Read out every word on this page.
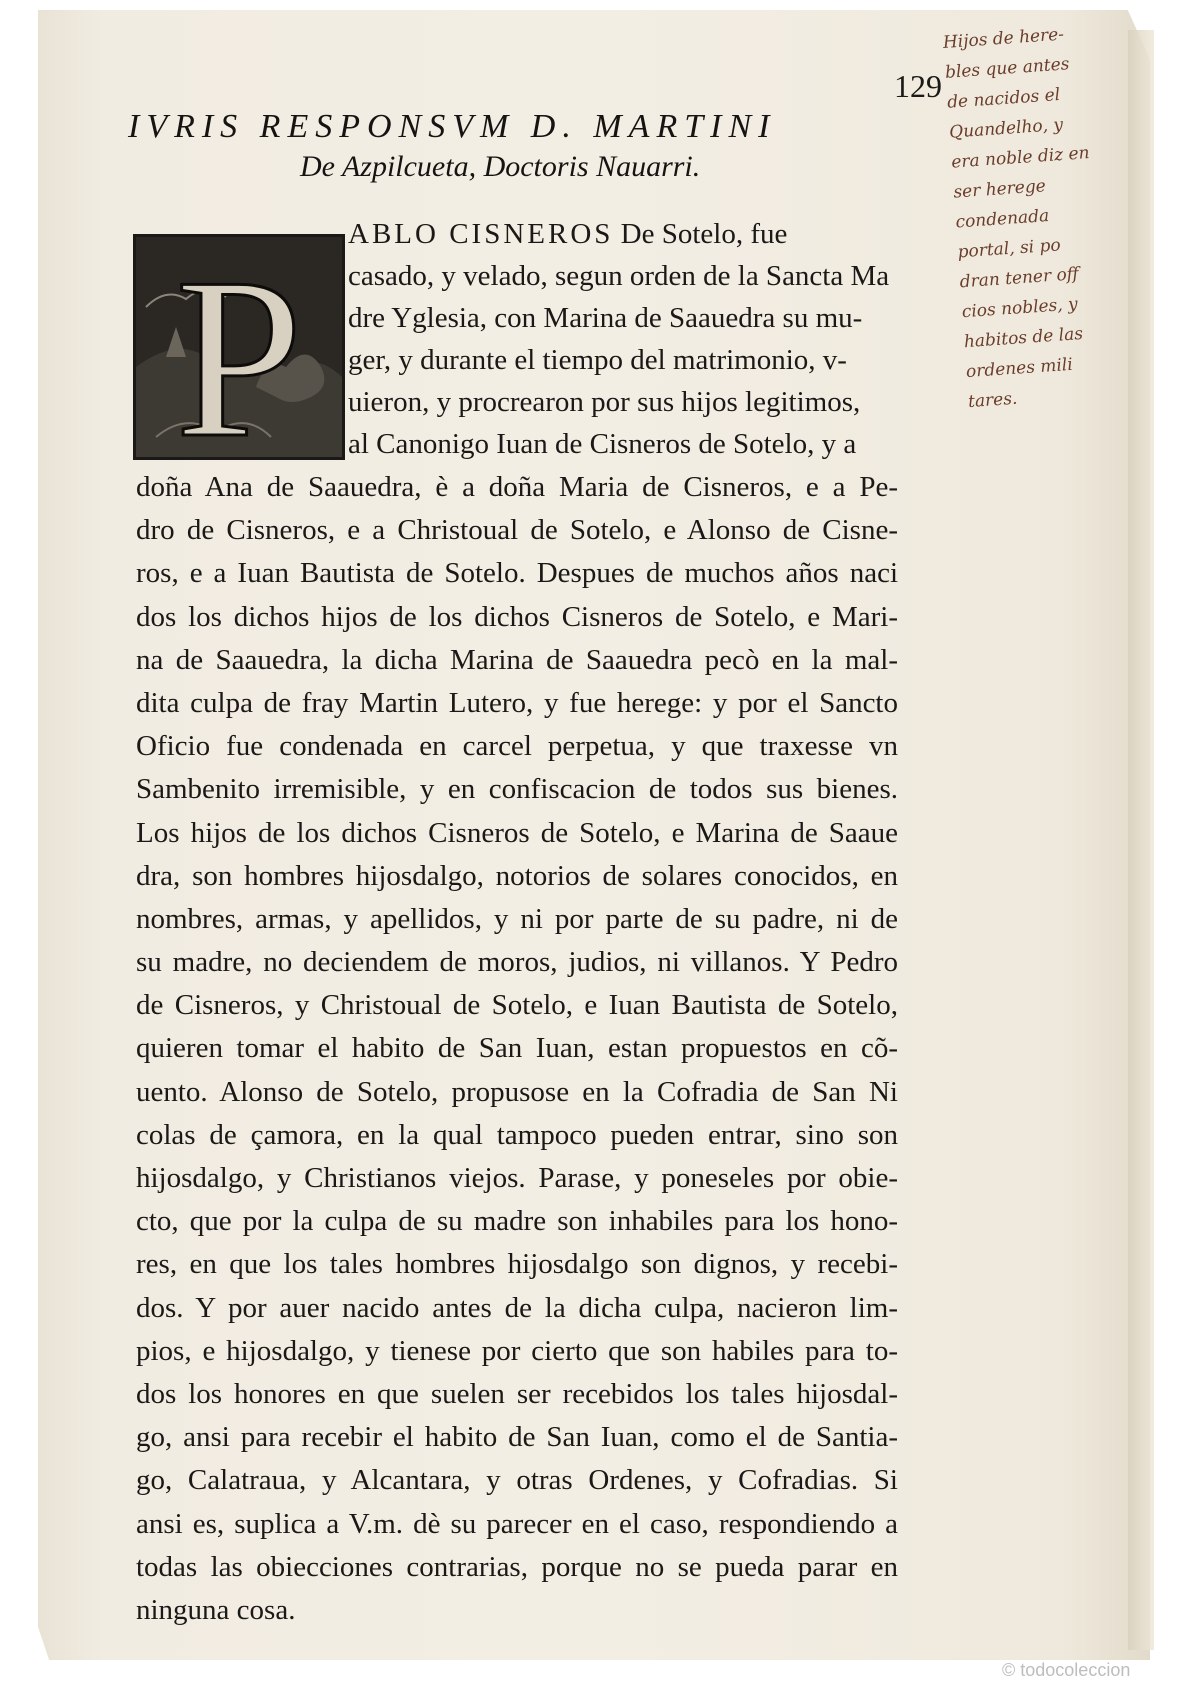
129
IVRIS RESPONSVM D. MARTINI
De Azpilcueta, Doctoris Nauarri.
P ABLO CISNEROS De Sotelo, fue
casado, y velado, segun orden de la Sancta Ma
dre Yglesia, con Marina de Saauedra su mu-
ger, y durante el tiempo del matrimonio, v-
uieron, y procrearon por sus hijos legitimos,
al Canonigo Iuan de Cisneros de Sotelo, y a
doña Ana de Saauedra, è a doña Maria de Cisneros, e a Pe-
dro de Cisneros, e a Christoual de Sotelo, e Alonso de Cisne-
ros, e a Iuan Bautista de Sotelo. Despues de muchos años naci
dos los dichos hijos de los dichos Cisneros de Sotelo, e Mari-
na de Saauedra, la dicha Marina de Saauedra pecò en la mal-
dita culpa de fray Martin Lutero, y fue herege: y por el Sancto
Oficio fue condenada en carcel perpetua, y que traxesse vn
Sambenito irremisible, y en confiscacion de todos sus bienes.
Los hijos de los dichos Cisneros de Sotelo, e Marina de Saaue
dra, son hombres hijosdalgo, notorios de solares conocidos, en
nombres, armas, y apellidos, y ni por parte de su padre, ni de
su madre, no deciendem de moros, judios, ni villanos. Y Pedro
de Cisneros, y Christoual de Sotelo, e Iuan Bautista de Sotelo,
quieren tomar el habito de San Iuan, estan propuestos en cõ-
uento. Alonso de Sotelo, propusose en la Cofradia de San Ni
colas de çamora, en la qual tampoco pueden entrar, sino son
hijosdalgo, y Christianos viejos. Parase, y poneseles por obie-
cto, que por la culpa de su madre son inhabiles para los hono-
res, en que los tales hombres hijosdalgo son dignos, y recebi-
dos. Y por auer nacido antes de la dicha culpa, nacieron lim-
pios, e hijosdalgo, y tienese por cierto que son habiles para to-
dos los honores en que suelen ser recebidos los tales hijosdal-
go, ansi para recebir el habito de San Iuan, como el de Santia-
go, Calatraua, y Alcantara, y otras Ordenes, y Cofradias. Si
ansi es, suplica a V.m. dè su parecer en el caso, respondiendo a
todas las obiecciones contrarias, porque no se pueda parar en
ninguna cosa.
Hijos de here-
bles que antes
de nacidos el
Quandelho, y
era noble diz en
ser herege
condenada
portal, si po
dran tener off
cios nobles, y
habitos de las
ordenes mili
tares.
© todocoleccion
